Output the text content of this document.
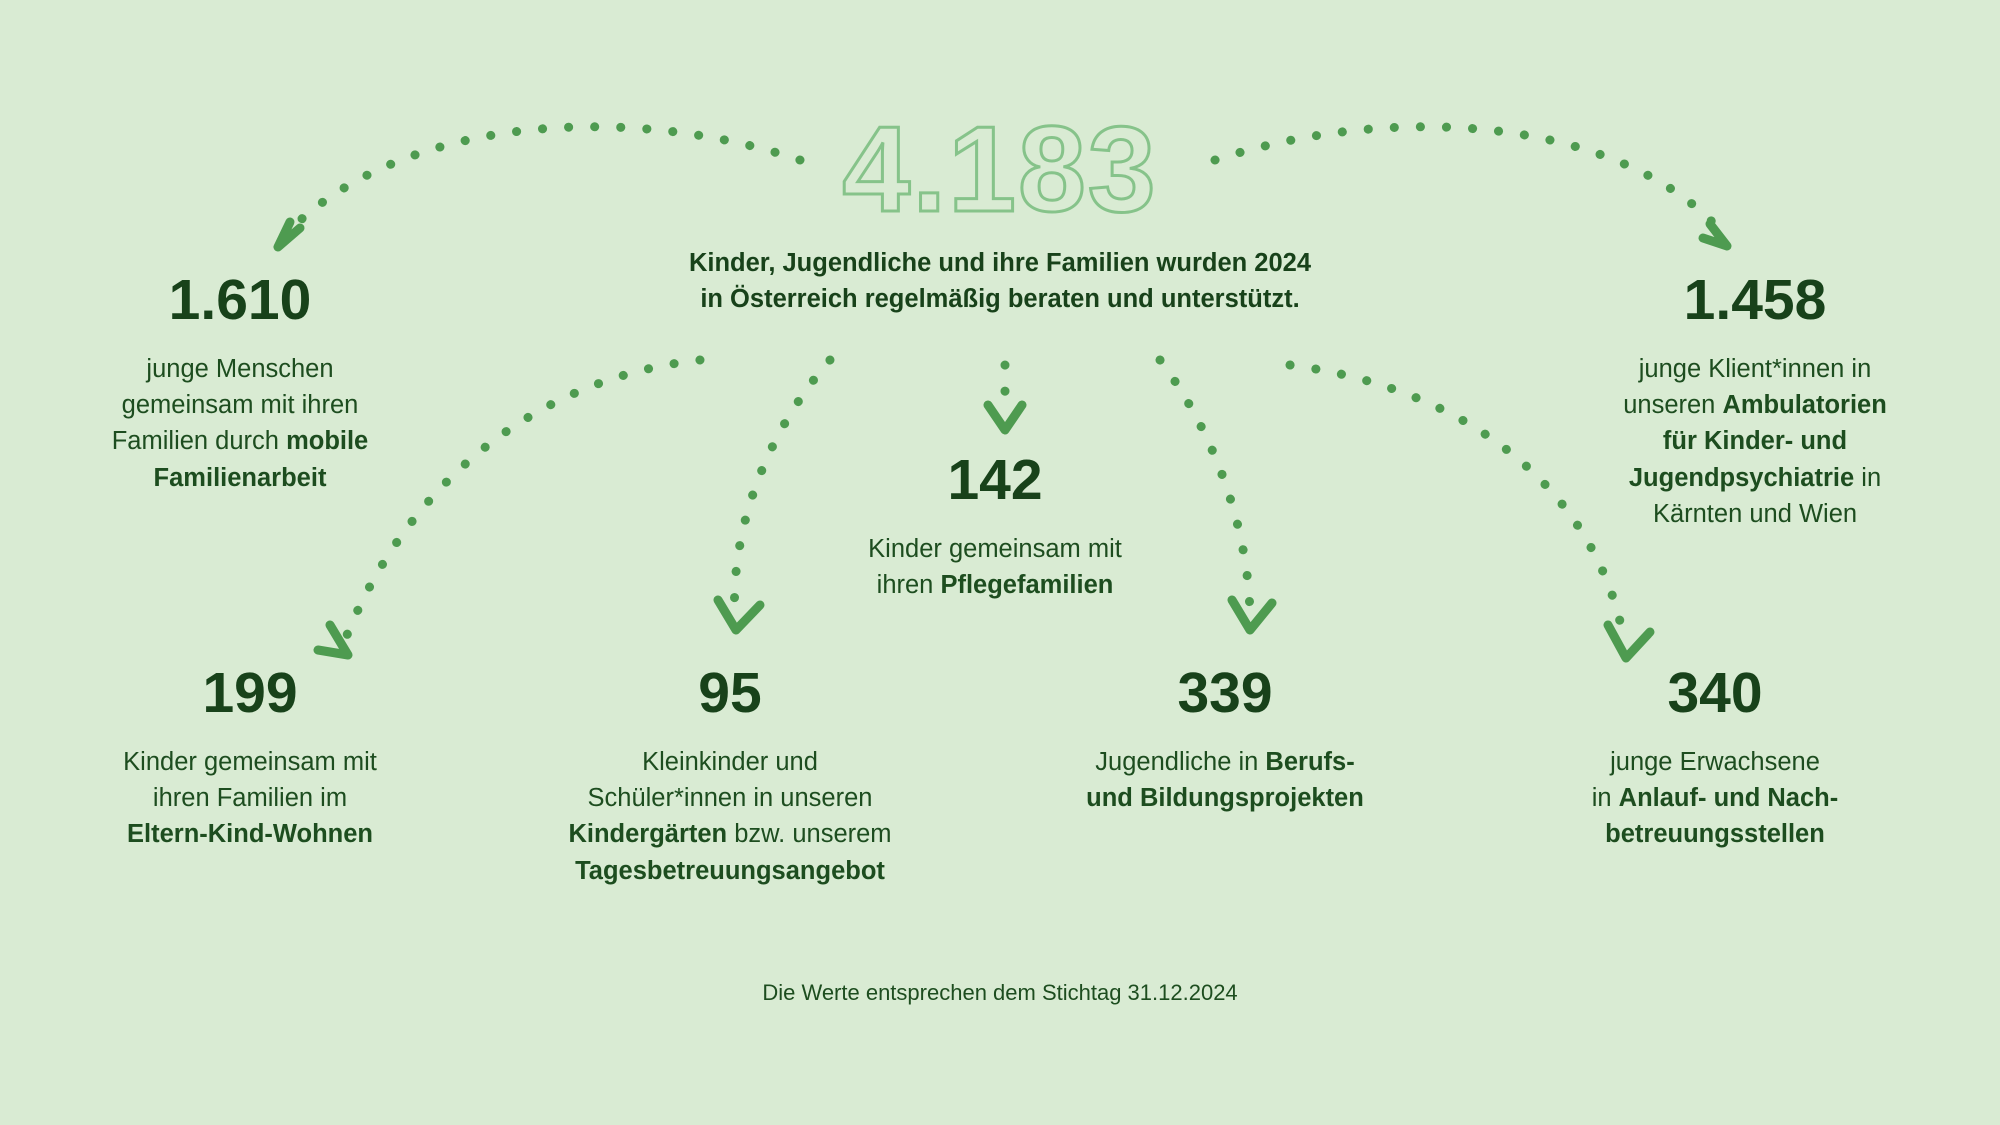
4.183
Kinder, Jugendliche und ihre Familien wurden 2024
in Österreich regelmäßig beraten und unterstützt.
1.610
junge Menschen
gemeinsam mit ihren
Familien durch mobile
Familienarbeit
1.458
junge Klient*innen in
unseren Ambulatorien
für Kinder- und
Jugendpsychiatrie in
Kärnten und Wien
142
Kinder gemeinsam mit
ihren Pflegefamilien
199
Kinder gemeinsam mit
ihren Familien im
Eltern-Kind-Wohnen
95
Kleinkinder und
Schüler*innen in unseren
Kindergärten bzw. unserem
Tagesbetreuungsangebot
339
Jugendliche in Berufs-
und Bildungsprojekten
340
junge Erwachsene
in Anlauf- und Nach-
betreuungsstellen
Die Werte entsprechen dem Stichtag 31.12.2024
